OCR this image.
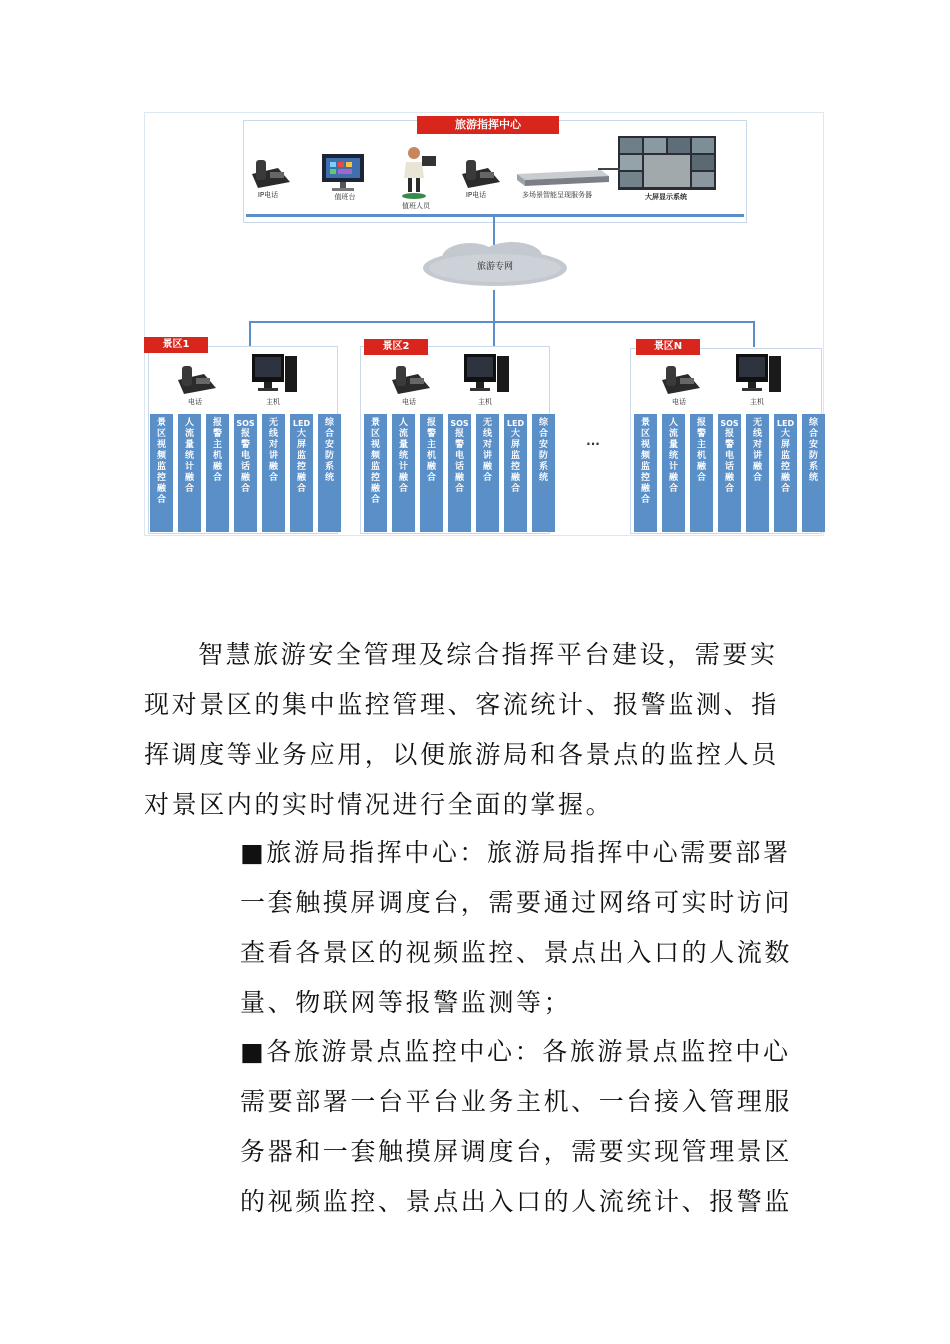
旅游指挥中心
IP电话	值班台
值班人员
IP电话	多场景智能呈现服务器	大屏显示系统
旅游专网
景区1
电话	主机
景区2
电话	主机
...
景区N
电话	主机
景
区
视
频
监
控
融
合
人
流
量
统
计
融
合
报
警
主
机
融
合
SOS
报
警
电
话
融
合
无
线
对
讲
融
合
LED
大
屏
监
控
融
合
综
合
安
防
系
统
景
区
视
频
监
控
融
合
人
流
量
统
计
融
合
报
警
主
机
融
合
SOS
报
警
电
话
融
合
无
线
对
讲
融
合
LED
大
屏
监
控
融
合
综
合
安
防
系
统
景
区
视
频
监
控
融
合
人
流
量
统
计
融
合
报
警
主
机
融
合
SOS
报
警
电
话
融
合
无
线
对
讲
融
合
LED
大
屏
监
控
融
合
综
合
安
防
系
统

智慧旅游安全管理及综合指挥平台建设，需要实

现对景区的集中监控管理、客流统计、报警监测、指

挥调度等业务应用，以便旅游局和各景点的监控人员

对景区内的实时情况进行全面的掌握。

■旅游局指挥中心：旅游局指挥中心需要部署

一套触摸屏调度台，需要通过网络可实时访问

查看各景区的视频监控、景点出入口的人流数

量、物联网等报警监测等；

■各旅游景点监控中心：各旅游景点监控中心

需要部署一台平台业务主机、一台接入管理服

务器和一套触摸屏调度台，需要实现管理景区

的视频监控、景点出入口的人流统计、报警监
